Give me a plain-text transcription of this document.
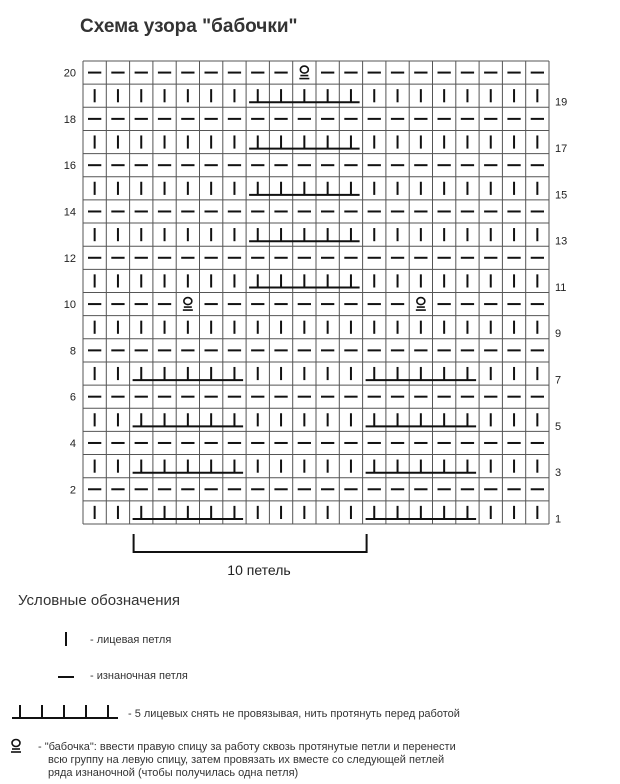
Схема узора "бабочки"
20
18
16
14
12
10
8
6
4
2
19
17
15
13
11
9
7
5
3
1
10 петель
Условные обозначения
- лицевая петля
- изнаночная петля
- 5 лицевых снять не провязывая, нить протянуть перед работой
- "бабочка": ввести правую спицу за работу сквозь протянутые петли и перенести
всю группу на левую спицу, затем провязать их вместе со следующей петлей
ряда изнаночной (чтобы получилась одна петля)
